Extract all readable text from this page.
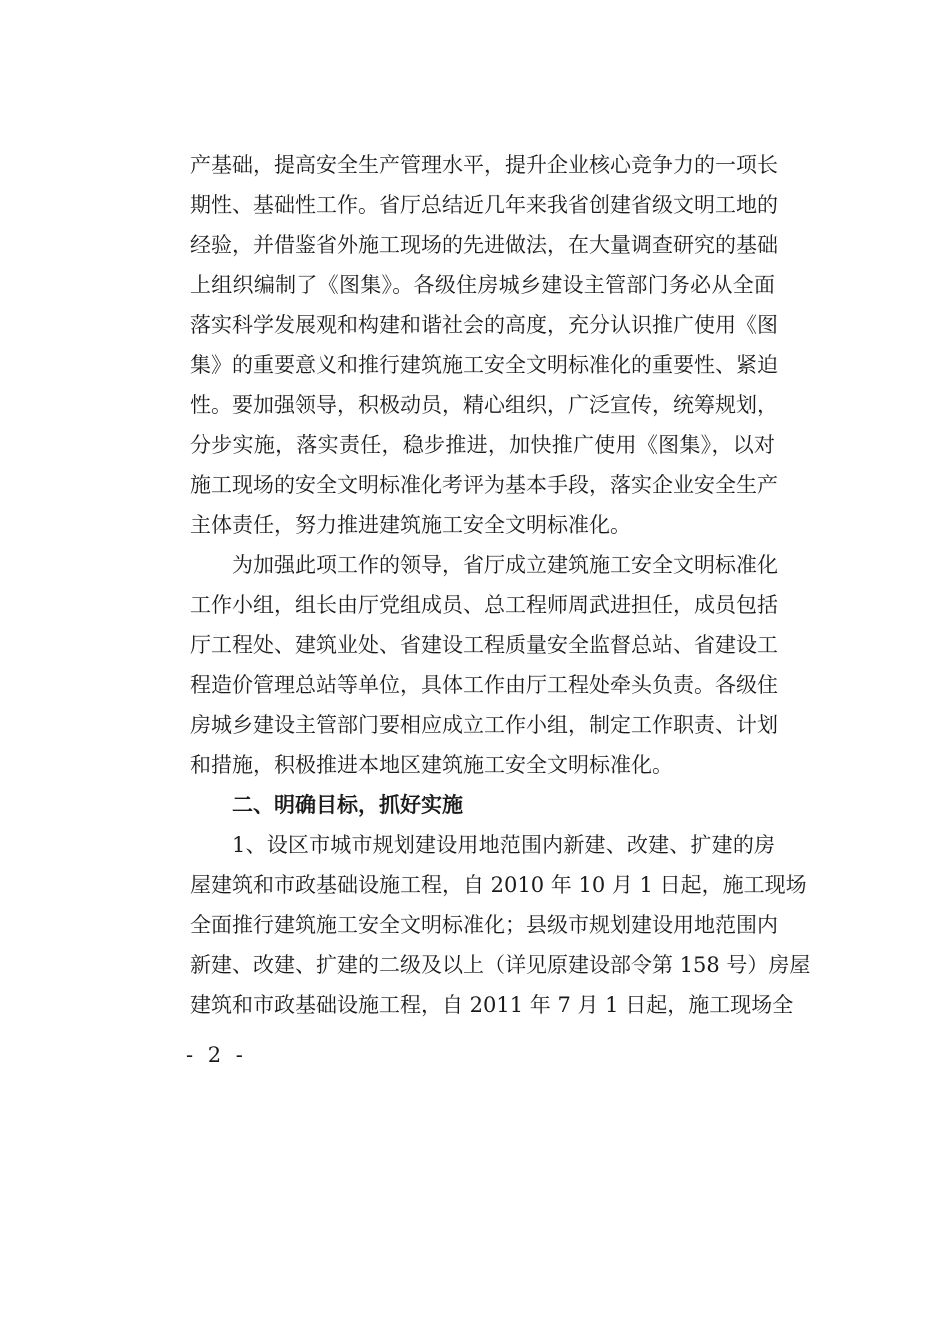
产基础，提高安全生产管理水平，提升企业核心竞争力的一项长
期性、基础性工作。省厅总结近几年来我省创建省级文明工地的
经验，并借鉴省外施工现场的先进做法，在大量调查研究的基础
上组织编制了《图集》。各级住房城乡建设主管部门务必从全面
落实科学发展观和构建和谐社会的高度，充分认识推广使用《图
集》的重要意义和推行建筑施工安全文明标准化的重要性、紧迫
性。要加强领导，积极动员，精心组织，广泛宣传，统筹规划，
分步实施，落实责任，稳步推进，加快推广使用《图集》，以对
施工现场的安全文明标准化考评为基本手段，落实企业安全生产
主体责任，努力推进建筑施工安全文明标准化。
为加强此项工作的领导，省厅成立建筑施工安全文明标准化
工作小组，组长由厅党组成员、总工程师周武进担任，成员包括
厅工程处、建筑业处、省建设工程质量安全监督总站、省建设工
程造价管理总站等单位，具体工作由厅工程处牵头负责。各级住
房城乡建设主管部门要相应成立工作小组，制定工作职责、计划
和措施，积极推进本地区建筑施工安全文明标准化。
二、明确目标，抓好实施
1、设区市城市规划建设用地范围内新建、改建、扩建的房
屋建筑和市政基础设施工程，自 2010 年 10 月 1 日起，施工现场
全面推行建筑施工安全文明标准化；县级市规划建设用地范围内
新建、改建、扩建的二级及以上（详见原建设部令第 158 号）房屋
建筑和市政基础设施工程，自 2011 年 7 月 1 日起，施工现场全
- 2 -
